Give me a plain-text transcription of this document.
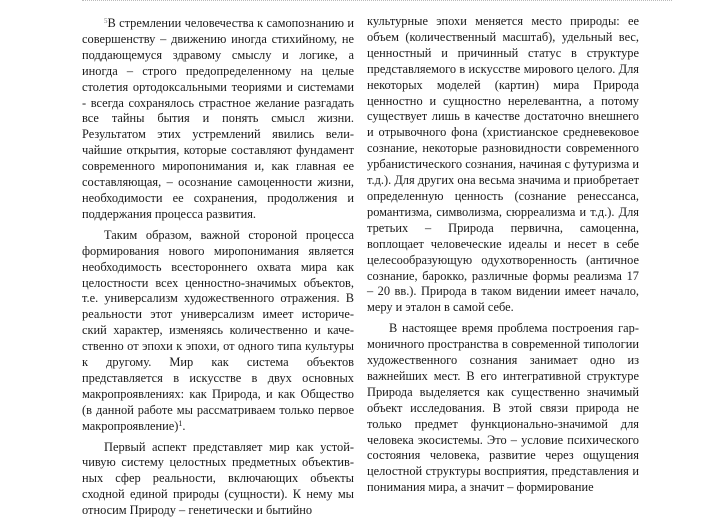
$^5$В стремлении человечества к самопознанию и совершенству – движению иногда стихийному, не поддающемуся здравому смыслу и логике, а иногда – строго предопределенному на целые столетия ортодоксальными теориями и системами - всегда сохранялось страстное желание разгадать все тайны бытия и понять смысл жизни. Результатом этих устремлений явились величайшие открытия, которые составляют фундамент современного миропонимания и, как главная ее составляющая, – осознание самоценности жизни, необходимости ее сохранения, продолжения и поддержания процесса развития.

Таким образом, важной стороной процесса формирования нового миропонимания является необходимость всестороннего охвата мира как целостности всех ценностно-значимых объектов, т.е. универсализм художественного отражения. В реальности этот универсализм имеет исторический характер, изменяясь количественно и качественно от эпохи к эпохи, от одного типа культуры к другому. Мир как система объектов представляется в искусстве в двух основных макропроявлениях: как Природа, и как Общество (в данной работе мы рассматриваем только первое макропроявление)$^1$.

Первый аспект представляет мир как устойчивую систему целостных предметных объективных сфер реальности, включающих объекты сходной единой природы (сущности). К нему мы относим Природу – генетически и бытийно

культурные эпохи меняется место природы: ее объем (количественный масштаб), удельный вес, ценностный и причинный статус в структуре представляемого в искусстве мирового целого. Для некоторых моделей (картин) мира Природа ценностно и сущностно нерелевантна, а потому существует лишь в качестве достаточно внешнего и отрывочного фона (христианское средневековое сознание, некоторые разновидности современного урбанистического сознания, начиная с футуризма и т.д.). Для других она весьма значима и приобретает определенную ценность (сознание ренессанса, романтизма, символизма, сюрреализма и т.д.). Для третьих – Природа первична, самоценна, воплощает человеческие идеалы и несет в себе целесообразующую одухотворенность (античное сознание, барокко, различные формы реализма 17 – 20 вв.). Природа в таком видении имеет начало, меру и эталон в самой себе.

В настоящее время проблема построения гармоничного пространства в современной типологии художественного сознания занимает одно из важнейших мест. В его интегративной структуре Природа выделяется как существенно значимый объект исследования. В этой связи природа не только предмет функционально-значимой для человека экосистемы. Это – условие психического состояния человека, развитие через ощущения целостной структуры восприятия, представления и понимания мира, а значит – формирование
